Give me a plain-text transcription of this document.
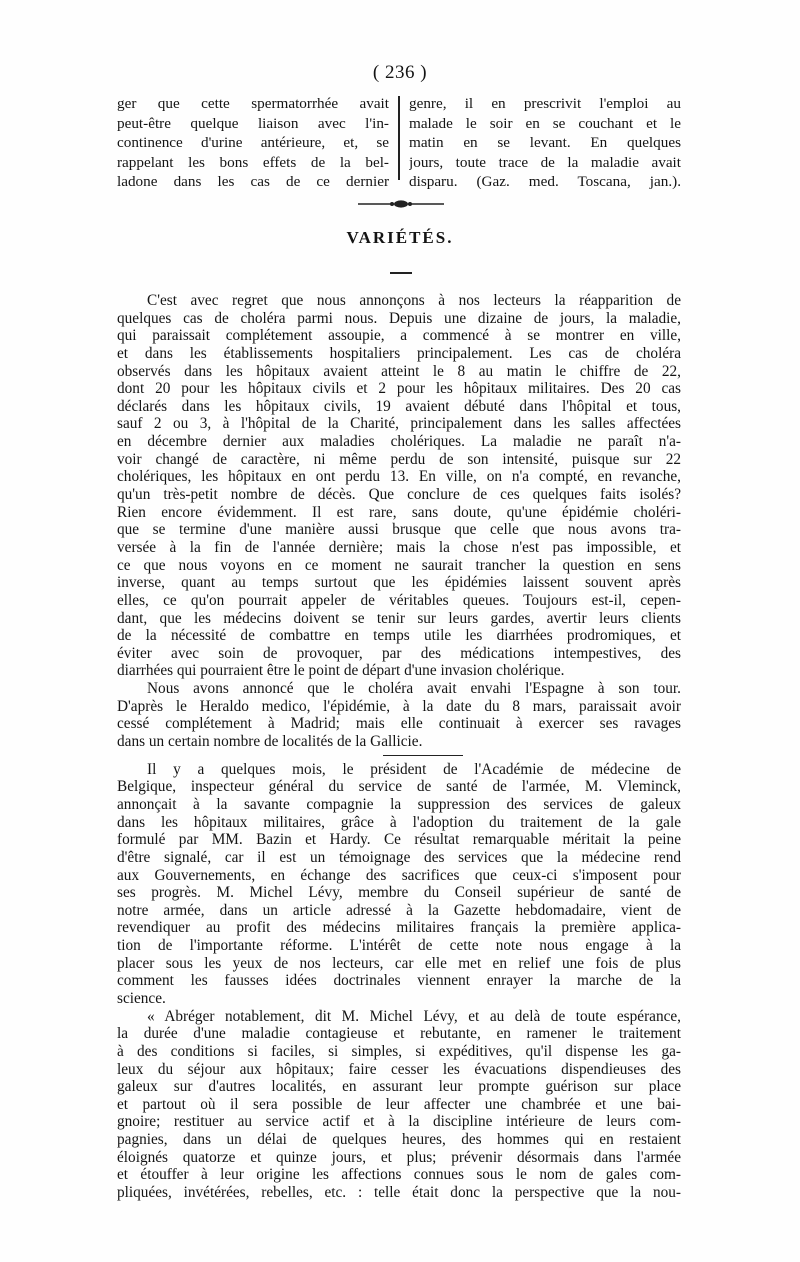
( 236 )
ger que cette spermatorrhée avait
peut-être quelque liaison avec l'in-
continence d'urine antérieure, et, se
rappelant les bons effets de la bel-
ladone dans les cas de ce dernier
genre, il en prescrivit l'emploi au
malade le soir en se couchant et le
matin en se levant. En quelques
jours, toute trace de la maladie avait
disparu. (Gaz. med. Toscana, jan.).
VARIÉTÉS.
C'est avec regret que nous annonçons à nos lecteurs la réapparition de
quelques cas de choléra parmi nous. Depuis une dizaine de jours, la maladie,
qui paraissait complétement assoupie, a commencé à se montrer en ville,
et dans les établissements hospitaliers principalement. Les cas de choléra
observés dans les hôpitaux avaient atteint le 8 au matin le chiffre de 22,
dont 20 pour les hôpitaux civils et 2 pour les hôpitaux militaires. Des 20 cas
déclarés dans les hôpitaux civils, 19 avaient débuté dans l'hôpital et tous,
sauf 2 ou 3, à l'hôpital de la Charité, principalement dans les salles affectées
en décembre dernier aux maladies cholériques. La maladie ne paraît n'a-
voir changé de caractère, ni même perdu de son intensité, puisque sur 22
cholériques, les hôpitaux en ont perdu 13. En ville, on n'a compté, en revanche,
qu'un très-petit nombre de décès. Que conclure de ces quelques faits isolés?
Rien encore évidemment. Il est rare, sans doute, qu'une épidémie choléri-
que se termine d'une manière aussi brusque que celle que nous avons tra-
versée à la fin de l'année dernière; mais la chose n'est pas impossible, et
ce que nous voyons en ce moment ne saurait trancher la question en sens
inverse, quant au temps surtout que les épidémies laissent souvent après
elles, ce qu'on pourrait appeler de véritables queues. Toujours est-il, cepen-
dant, que les médecins doivent se tenir sur leurs gardes, avertir leurs clients
de la nécessité de combattre en temps utile les diarrhées prodromiques, et
éviter avec soin de provoquer, par des médications intempestives, des
diarrhées qui pourraient être le point de départ d'une invasion cholérique.
Nous avons annoncé que le choléra avait envahi l'Espagne à son tour.
D'après le Heraldo medico, l'épidémie, à la date du 8 mars, paraissait avoir
cessé complétement à Madrid; mais elle continuait à exercer ses ravages
dans un certain nombre de localités de la Gallicie.
Il y a quelques mois, le président de l'Académie de médecine de
Belgique, inspecteur général du service de santé de l'armée, M. Vleminck,
annonçait à la savante compagnie la suppression des services de galeux
dans les hôpitaux militaires, grâce à l'adoption du traitement de la gale
formulé par MM. Bazin et Hardy. Ce résultat remarquable méritait la peine
d'être signalé, car il est un témoignage des services que la médecine rend
aux Gouvernements, en échange des sacrifices que ceux-ci s'imposent pour
ses progrès. M. Michel Lévy, membre du Conseil supérieur de santé de
notre armée, dans un article adressé à la Gazette hebdomadaire, vient de
revendiquer au profit des médecins militaires français la première applica-
tion de l'importante réforme. L'intérêt de cette note nous engage à la
placer sous les yeux de nos lecteurs, car elle met en relief une fois de plus
comment les fausses idées doctrinales viennent enrayer la marche de la
science.
« Abréger notablement, dit M. Michel Lévy, et au delà de toute espérance,
la durée d'une maladie contagieuse et rebutante, en ramener le traitement
à des conditions si faciles, si simples, si expéditives, qu'il dispense les ga-
leux du séjour aux hôpitaux; faire cesser les évacuations dispendieuses des
galeux sur d'autres localités, en assurant leur prompte guérison sur place
et partout où il sera possible de leur affecter une chambrée et une bai-
gnoire; restituer au service actif et à la discipline intérieure de leurs com-
pagnies, dans un délai de quelques heures, des hommes qui en restaient
éloignés quatorze et quinze jours, et plus; prévenir désormais dans l'armée
et étouffer à leur origine les affections connues sous le nom de gales com-
pliquées, invétérées, rebelles, etc. : telle était donc la perspective que la nou-
